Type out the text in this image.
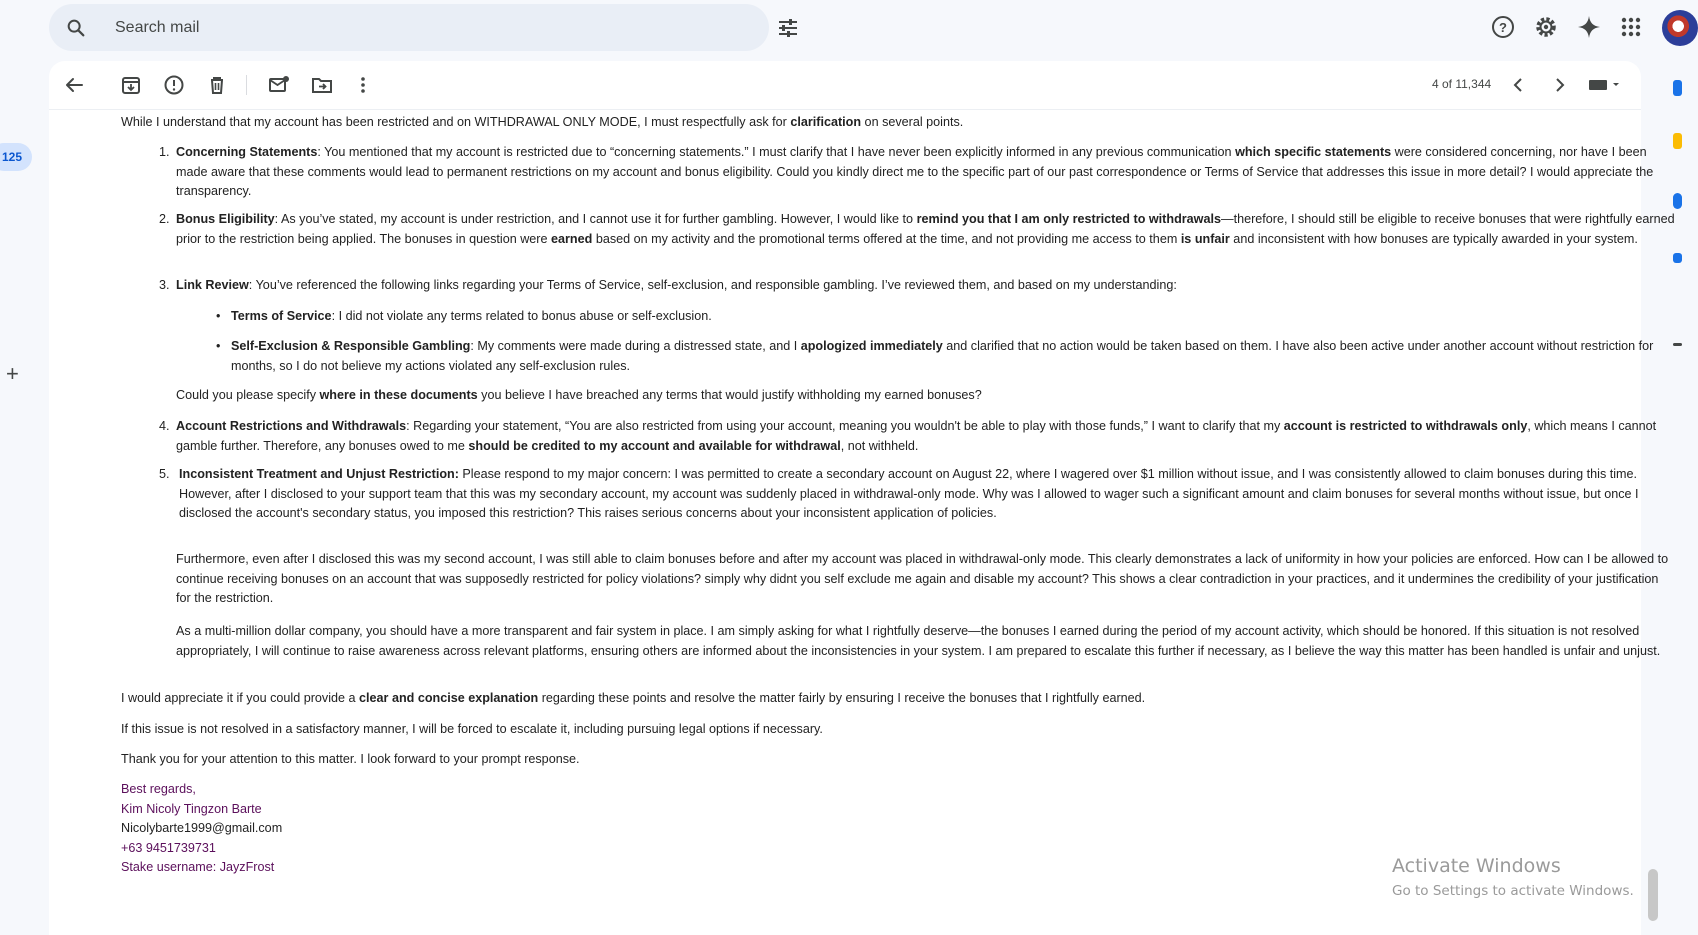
Search mail
?
125
+
4 of 11,344

While I understand that my account has been restricted and on WITHDRAWAL ONLY MODE, I must respectfully ask for clarification on several points.

1. Concerning Statements: You mentioned that my account is restricted due to “concerning statements.” I must clarify that I have never been explicitly informed in any previous communication which specific statements were considered concerning, nor have I been made aware that these comments would lead to permanent restrictions on my account and bonus eligibility. Could you kindly direct me to the specific part of our past correspondence or Terms of Service that addresses this issue in more detail? I would appreciate the transparency.
2. Bonus Eligibility: As you’ve stated, my account is under restriction, and I cannot use it for further gambling. However, I would like to remind you that I am only restricted to withdrawals—therefore, I should still be eligible to receive bonuses that were rightfully earned prior to the restriction being applied. The bonuses in question were earned based on my activity and the promotional terms offered at the time, and not providing me access to them is unfair and inconsistent with how bonuses are typically awarded in your system.
3. Link Review: You’ve referenced the following links regarding your Terms of Service, self-exclusion, and responsible gambling. I’ve reviewed them, and based on my understanding:
• Terms of Service: I did not violate any terms related to bonus abuse or self-exclusion.
• Self-Exclusion & Responsible Gambling: My comments were made during a distressed state, and I apologized immediately and clarified that no action would be taken based on them. I have also been active under another account without restriction for months, so I do not believe my actions violated any self-exclusion rules.
Could you please specify where in these documents you believe I have breached any terms that would justify withholding my earned bonuses?
4. Account Restrictions and Withdrawals: Regarding your statement, “You are also restricted from using your account, meaning you wouldn't be able to play with those funds,” I want to clarify that my account is restricted to withdrawals only, which means I cannot gamble further. Therefore, any bonuses owed to me should be credited to my account and available for withdrawal, not withheld.
5. Inconsistent Treatment and Unjust Restriction: Please respond to my major concern: I was permitted to create a secondary account on August 22, where I wagered over $1 million without issue, and I was consistently allowed to claim bonuses during this time. However, after I disclosed to your support team that this was my secondary account, my account was suddenly placed in withdrawal-only mode. Why was I allowed to wager such a significant amount and claim bonuses for several months without issue, but once I disclosed the account's secondary status, you imposed this restriction? This raises serious concerns about your inconsistent application of policies.
Furthermore, even after I disclosed this was my second account, I was still able to claim bonuses before and after my account was placed in withdrawal-only mode. This clearly demonstrates a lack of uniformity in how your policies are enforced. How can I be allowed to continue receiving bonuses on an account that was supposedly restricted for policy violations? simply why didnt you self exclude me again and disable my account? This shows a clear contradiction in your practices, and it undermines the credibility of your justification for the restriction.
As a multi-million dollar company, you should have a more transparent and fair system in place. I am simply asking for what I rightfully deserve—the bonuses I earned during the period of my account activity, which should be honored. If this situation is not resolved appropriately, I will continue to raise awareness across relevant platforms, ensuring others are informed about the inconsistencies in your system. I am prepared to escalate this further if necessary, as I believe the way this matter has been handled is unfair and unjust.

I would appreciate it if you could provide a clear and concise explanation regarding these points and resolve the matter fairly by ensuring I receive the bonuses that I rightfully earned.

If this issue is not resolved in a satisfactory manner, I will be forced to escalate it, including pursuing legal options if necessary.

Thank you for your attention to this matter. I look forward to your prompt response.

Best regards,
Kim Nicoly Tingzon Barte
Nicolybarte1999@gmail.com
+63 9451739731
Stake username: JayzFrost	Activate Windows
Go to Settings to activate Windows.
